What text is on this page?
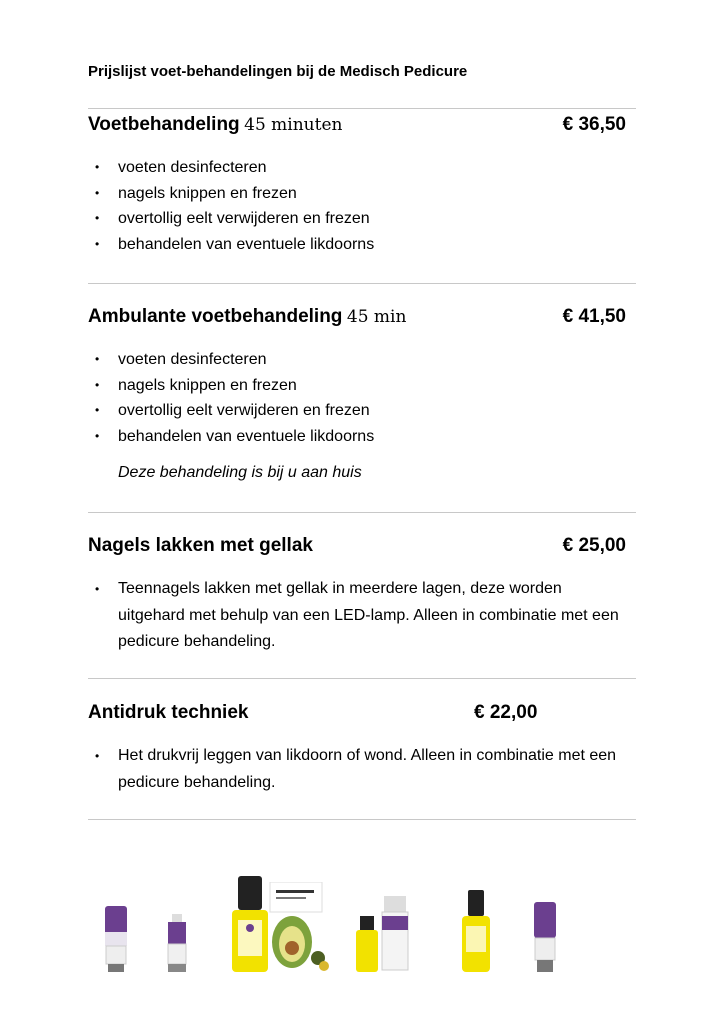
Prijslijst voet-behandelingen bij de Medisch Pedicure
Voetbehandeling 45 minuten	€ 36,50
• voeten desinfecteren
• nagels knippen en frezen
• overtollig eelt verwijderen en frezen
• behandelen van eventuele likdoorns
Ambulante voetbehandeling 45 min	€ 41,50
• voeten desinfecteren
• nagels knippen en frezen
• overtollig eelt verwijderen en frezen
• behandelen van eventuele likdoorns
Deze behandeling is bij u aan huis
Nagels lakken met gellak	€ 25,00
• Teennagels lakken met gellak in meerdere lagen, deze worden uitgehard met behulp van een LED-lamp. Alleen in combinatie met een pedicure behandeling.
Antidruk techniek	€ 22,00
• Het drukvrij leggen van likdoorn of wond. Alleen in combinatie met een pedicure behandeling.
